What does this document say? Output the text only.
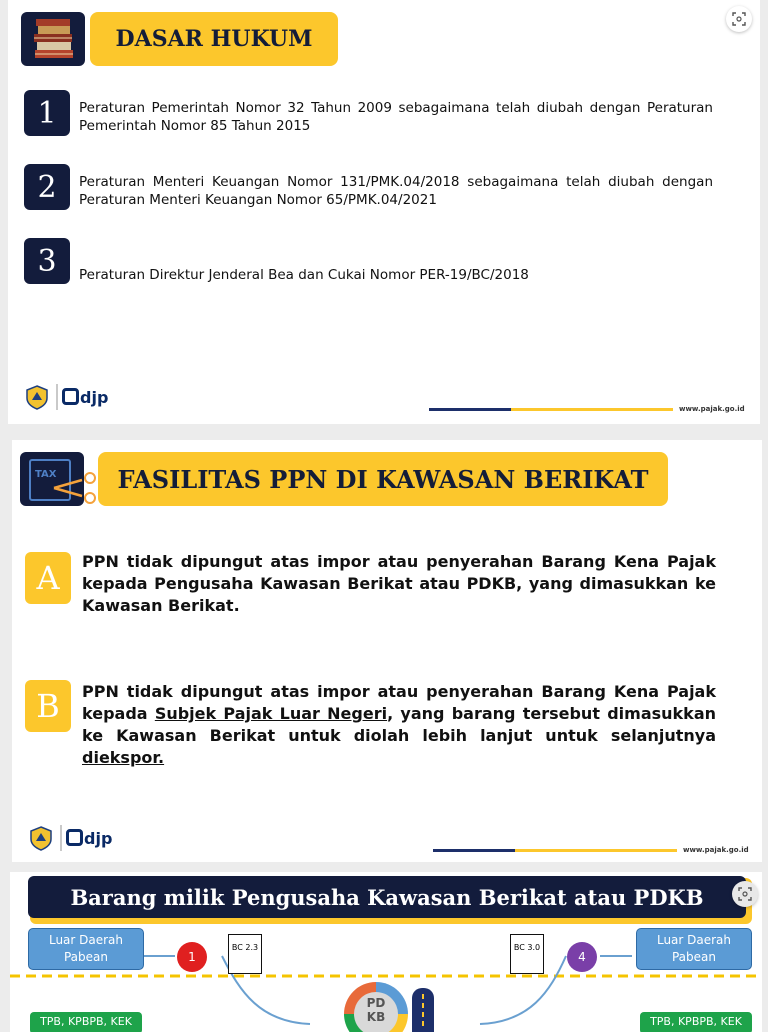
DASAR HUKUM
1	Peraturan Pemerintah Nomor 32 Tahun 2009 sebagaimana telah diubah dengan Peraturan Pemerintah Nomor 85 Tahun 2015
2	Peraturan Menteri Keuangan Nomor 131/PMK.04/2018 sebagaimana telah diubah dengan Peraturan Menteri Keuangan Nomor 65/PMK.04/2021
3	Peraturan Direktur Jenderal Bea dan Cukai Nomor PER-19/BC/2018
djp
www.pajak.go.id
TAX	FASILITAS PPN DI KAWASAN BERIKAT
A	PPN tidak dipungut atas impor atau penyerahan Barang Kena Pajak kepada Pengusaha Kawasan Berikat atau PDKB, yang dimasukkan ke Kawasan Berikat.
B	PPN tidak dipungut atas impor atau penyerahan Barang Kena Pajak kepada Subjek Pajak Luar Negeri, yang barang tersebut dimasukkan ke Kawasan Berikat untuk diolah lebih lanjut untuk selanjutnya diekspor.
djp
www.pajak.go.id
Barang milik Pengusaha Kawasan Berikat atau PDKB
Luar Daerah Pabean
Luar Daerah Pabean
1	4
BC 2.3	BC 3.0
PD
KB
TPB, KPBPB, KEK	TPB, KPBPB, KEK
